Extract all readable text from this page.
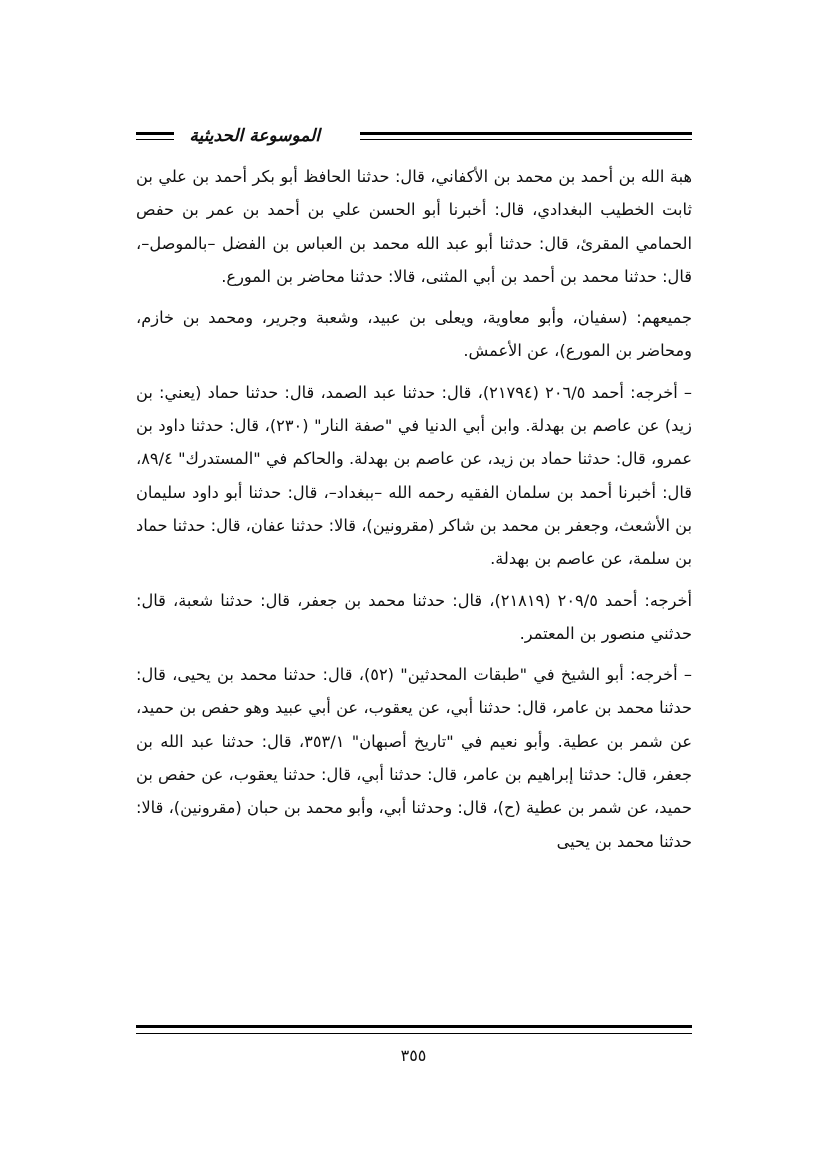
الموسوعة الحديثية

هبة الله بن أحمد بن محمد بن الأكفاني، قال: حدثنا الحافظ أبو بكر أحمد بن علي بن ثابت الخطيب البغدادي، قال: أخبرنا أبو الحسن علي بن أحمد بن عمر بن حفص الحمامي المقرئ، قال: حدثنا أبو عبد الله محمد بن العباس بن الفضل –بالموصل–، قال: حدثنا محمد بن أحمد بن أبي المثنى، قالا: حدثنا محاضر بن المورع.

جميعهم: (سفيان، وأبو معاوية، ويعلى بن عبيد، وشعبة وجرير، ومحمد بن خازم، ومحاضر بن المورع)، عن الأعمش.

– أخرجه: أحمد ٢٠٦/٥ (٢١٧٩٤)، قال: حدثنا عبد الصمد، قال: حدثنا حماد (يعني: بن زيد) عن عاصم بن بهدلة. وابن أبي الدنيا في "صفة النار" (٢٣٠)، قال: حدثنا داود بن عمرو، قال: حدثنا حماد بن زيد، عن عاصم بن بهدلة. والحاكم في "المستدرك" ٨٩/٤، قال: أخبرنا أحمد بن سلمان الفقيه رحمه الله –ببغداد–، قال: حدثنا أبو داود سليمان بن الأشعث، وجعفر بن محمد بن شاكر (مقرونين)، قالا: حدثنا عفان، قال: حدثنا حماد بن سلمة، عن عاصم بن بهدلة.

أخرجه: أحمد ٢٠٩/٥ (٢١٨١٩)، قال: حدثنا محمد بن جعفر، قال: حدثنا شعبة، قال: حدثني منصور بن المعتمر.

– أخرجه: أبو الشيخ في "طبقات المحدثين" (٥٢)، قال: حدثنا محمد بن يحيى، قال: حدثنا محمد بن عامر، قال: حدثنا أبي، عن يعقوب، عن أبي عبيد وهو حفص بن حميد، عن شمر بن عطية. وأبو نعيم في "تاريخ أصبهان" ٣٥٣/١، قال: حدثنا عبد الله بن جعفر، قال: حدثنا إبراهيم بن عامر، قال: حدثنا أبي، قال: حدثنا يعقوب، عن حفص بن حميد، عن شمر بن عطية (ح)، قال: وحدثنا أبي، وأبو محمد بن حبان (مقرونين)، قالا: حدثنا محمد بن يحيى

٣٥٥
